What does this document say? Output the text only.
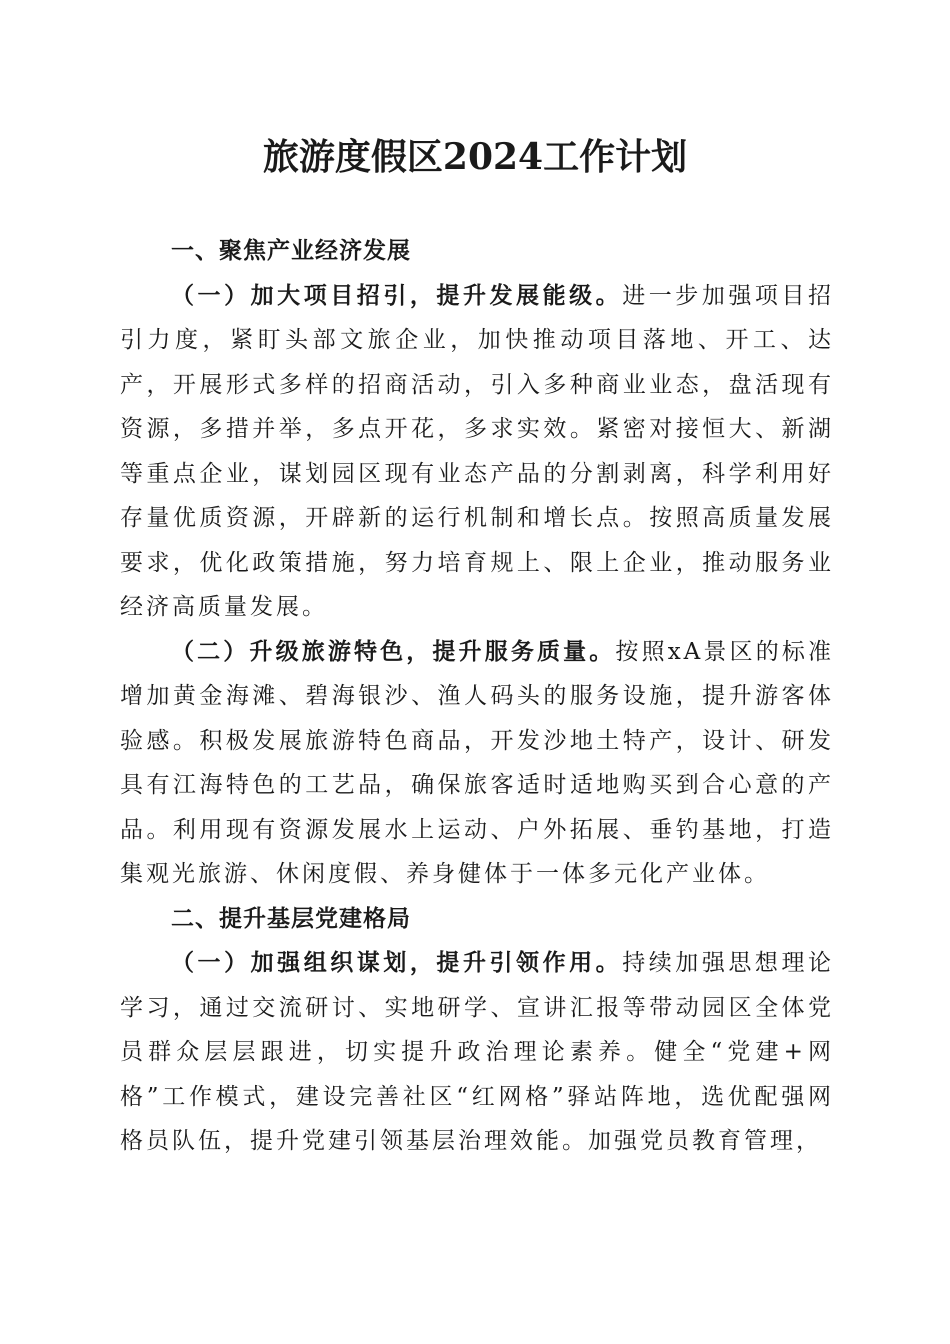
旅游度假区2024工作计划

一、聚焦产业经济发展

（一）加大项目招引，提升发展能级。进一步加强项目招引力度，紧盯头部文旅企业，加快推动项目落地、开工、达产，开展形式多样的招商活动，引入多种商业业态，盘活现有资源，多措并举，多点开花，多求实效。紧密对接恒大、新湖等重点企业，谋划园区现有业态产品的分割剥离，科学利用好存量优质资源，开辟新的运行机制和增长点。按照高质量发展要求，优化政策措施，努力培育规上、限上企业，推动服务业经济高质量发展。

（二）升级旅游特色，提升服务质量。按照xA景区的标准增加黄金海滩、碧海银沙、渔人码头的服务设施，提升游客体验感。积极发展旅游特色商品，开发沙地土特产，设计、研发具有江海特色的工艺品，确保旅客适时适地购买到合心意的产品。利用现有资源发展水上运动、户外拓展、垂钓基地，打造集观光旅游、休闲度假、养身健体于一体多元化产业体。

二、提升基层党建格局

（一）加强组织谋划，提升引领作用。持续加强思想理论学习，通过交流研讨、实地研学、宣讲汇报等带动园区全体党员群众层层跟进，切实提升政治理论素养。健全“党建+网格”工作模式，建设完善社区“红网格”驿站阵地，选优配强网格员队伍，提升党建引领基层治理效能。加强党员教育管理，
